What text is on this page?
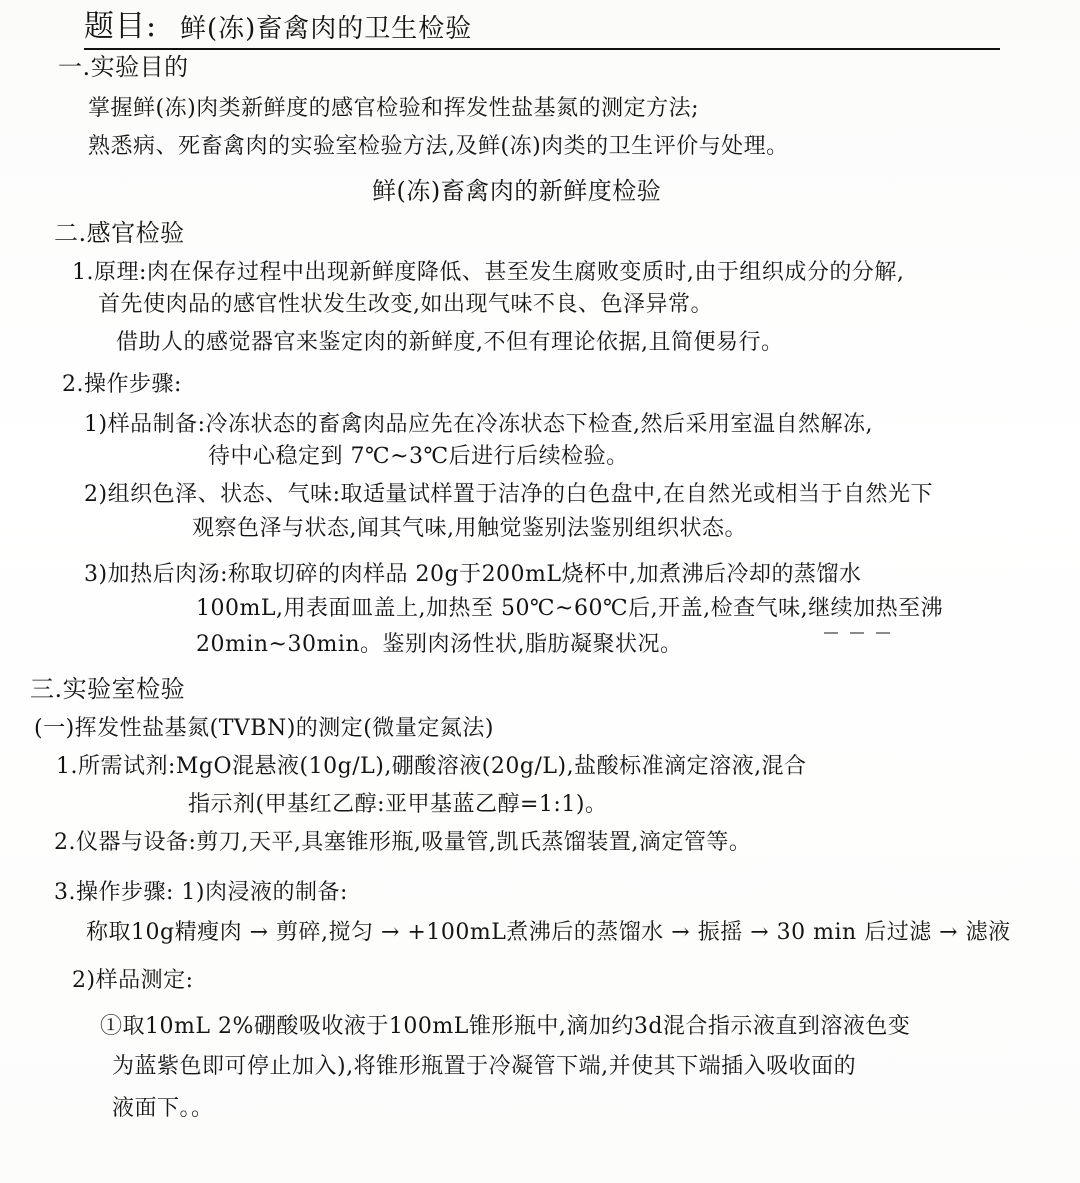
题目: 鲜(冻)畜禽肉的卫生检验
一.实验目的
掌握鲜(冻)肉类新鲜度的感官检验和挥发性盐基氮的测定方法;
熟悉病、死畜禽肉的实验室检验方法,及鲜(冻)肉类的卫生评价与处理。
鲜(冻)畜禽肉的新鲜度检验
二.感官检验
1.原理:肉在保存过程中出现新鲜度降低、甚至发生腐败变质时,由于组织成分的分解,
首先使肉品的感官性状发生改变,如出现气味不良、色泽异常。
借助人的感觉器官来鉴定肉的新鲜度,不但有理论依据,且简便易行。
2.操作步骤:
1)样品制备:冷冻状态的畜禽肉品应先在冷冻状态下检查,然后采用室温自然解冻,
待中心稳定到 7℃~3℃后进行后续检验。
2)组织色泽、状态、气味:取适量试样置于洁净的白色盘中,在自然光或相当于自然光下
观察色泽与状态,闻其气味,用触觉鉴别法鉴别组织状态。
3)加热后肉汤:称取切碎的肉样品 20g于200mL烧杯中,加煮沸后冷却的蒸馏水
100mL,用表面皿盖上,加热至 50℃~60℃后,开盖,检查气味,继续加热至沸
20min~30min。鉴别肉汤性状,脂肪凝聚状况。
三.实验室检验
(一)挥发性盐基氮(TVBN)的测定(微量定氮法)
1.所需试剂:MgO混悬液(10g/L),硼酸溶液(20g/L),盐酸标准滴定溶液,混合
指示剂(甲基红乙醇:亚甲基蓝乙醇=1:1)。
2.仪器与设备:剪刀,天平,具塞锥形瓶,吸量管,凯氏蒸馏装置,滴定管等。
3.操作步骤: 1)肉浸液的制备:
称取10g精瘦肉 → 剪碎,搅匀 → +100mL煮沸后的蒸馏水 → 振摇 → 30 min 后过滤 → 滤液
2)样品测定:
①取10mL 2%硼酸吸收液于100mL锥形瓶中,滴加约3d混合指示液直到溶液色变
为蓝紫色即可停止加入),将锥形瓶置于冷凝管下端,并使其下端插入吸收面的
液面下。。
